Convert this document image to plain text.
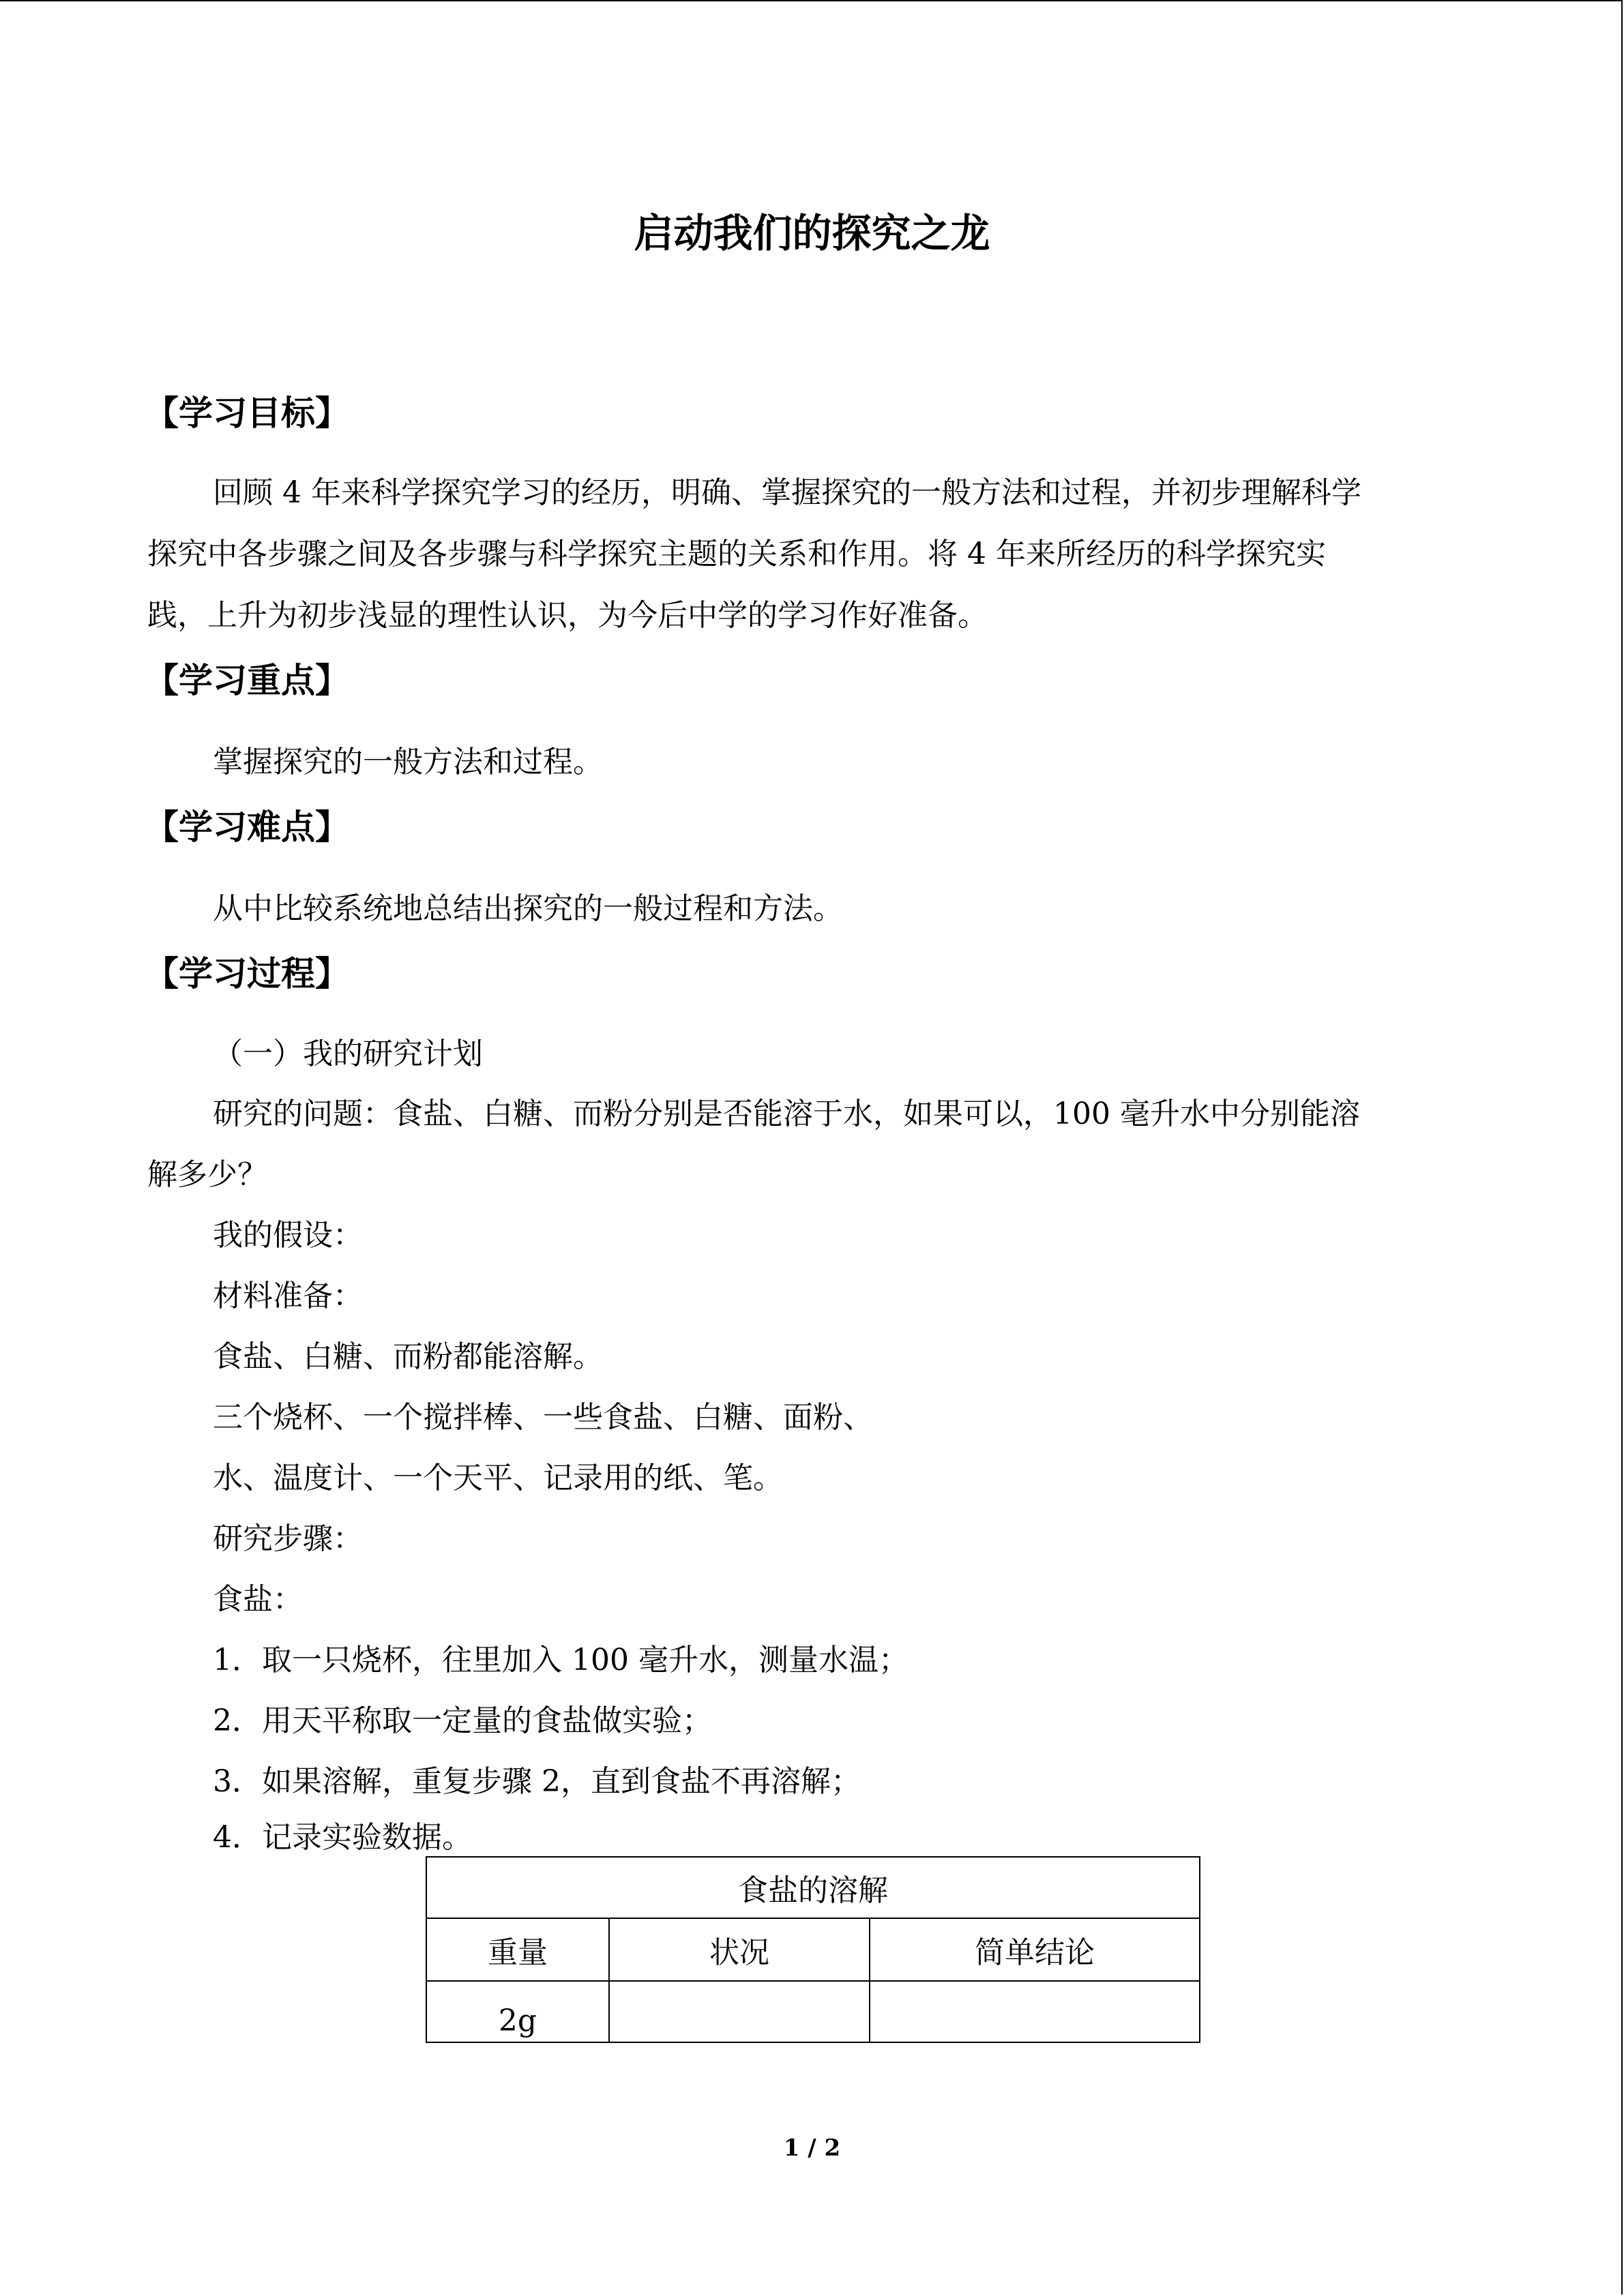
启动我们的探究之龙
【学习目标】
回顾 4 年来科学探究学习的经历，明确、掌握探究的一般方法和过程，并初步理解科学
探究中各步骤之间及各步骤与科学探究主题的关系和作用。将 4 年来所经历的科学探究实
践，上升为初步浅显的理性认识，为今后中学的学习作好准备。
【学习重点】
掌握探究的一般方法和过程。
【学习难点】
从中比较系统地总结出探究的一般过程和方法。
【学习过程】
（一）我的研究计划
研究的问题：食盐、白糖、而粉分别是否能溶于水，如果可以，100 毫升水中分别能溶
解多少？
我的假设：
材料准备：
食盐、白糖、而粉都能溶解。
三个烧杯、一个搅拌棒、一些食盐、白糖、面粉、
水、温度计、一个天平、记录用的纸、笔。
研究步骤：
食盐：
1．取一只烧杯，往里加入 100 毫升水，测量水温；
2．用天平称取一定量的食盐做实验；
3．如果溶解，重复步骤 2，直到食盐不再溶解；
4．记录实验数据。
食盐的溶解		
重量	状况	简单结论
2g		
1 / 2
